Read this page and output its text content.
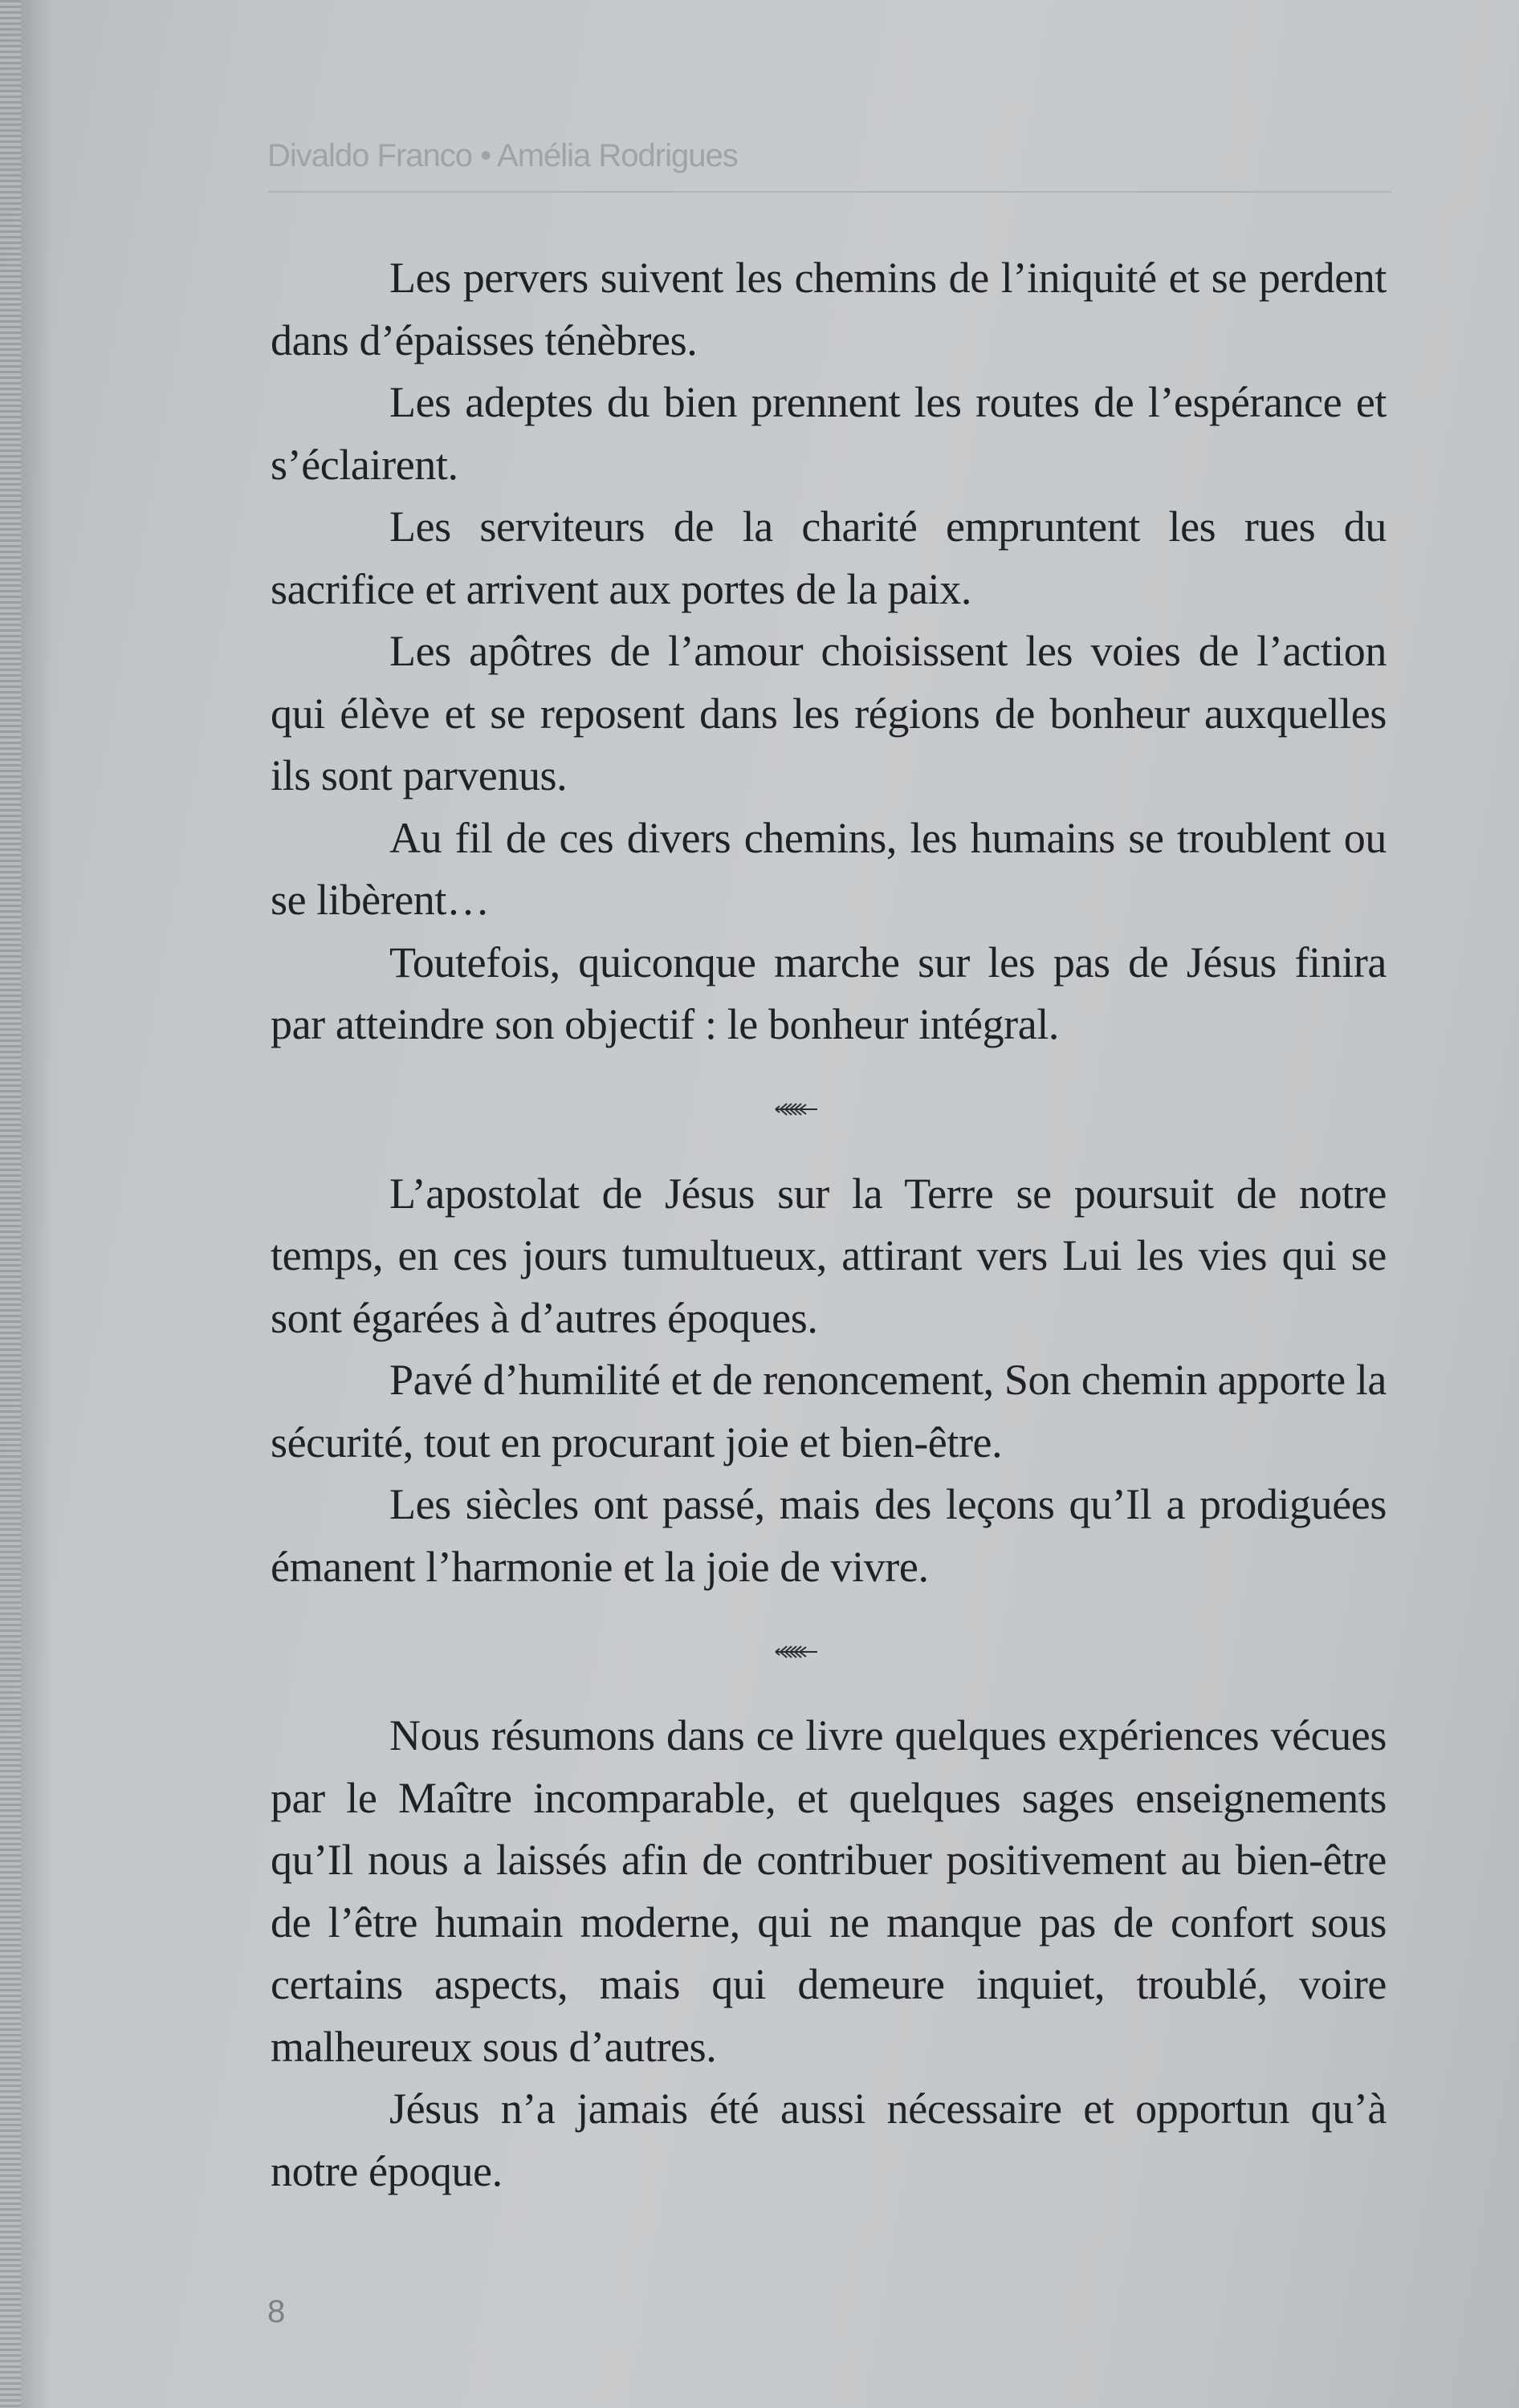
Divaldo Franco • Amélia Rodrigues

Les pervers suivent les chemins de l’iniquité et se perdent dans d’épaisses ténèbres.

Les adeptes du bien prennent les routes de l’espérance et s’éclairent.

Les serviteurs de la charité empruntent les rues du sacrifice et arrivent aux portes de la paix.

Les apôtres de l’amour choisissent les voies de l’action qui élève et se reposent dans les régions de bonheur auxquelles ils sont parvenus.

Au fil de ces divers chemins, les humains se troublent ou se libèrent…

Toutefois, quiconque marche sur les pas de Jésus finira par atteindre son objectif : le bonheur intégral.

L’apostolat de Jésus sur la Terre se poursuit de notre temps, en ces jours tumultueux, attirant vers Lui les vies qui se sont égarées à d’autres époques.

Pavé d’humilité et de renoncement, Son chemin apporte la sécurité, tout en procurant joie et bien-être.

Les siècles ont passé, mais des leçons qu’Il a prodiguées émanent l’harmonie et la joie de vivre.

Nous résumons dans ce livre quelques expériences vécues par le Maître incomparable, et quelques sages enseignements qu’Il nous a laissés afin de contribuer positivement au bien-être de l’être humain moderne, qui ne manque pas de confort sous certains aspects, mais qui demeure inquiet, troublé, voire malheureux sous d’autres.

Jésus n’a jamais été aussi nécessaire et opportun qu’à notre époque.

8
